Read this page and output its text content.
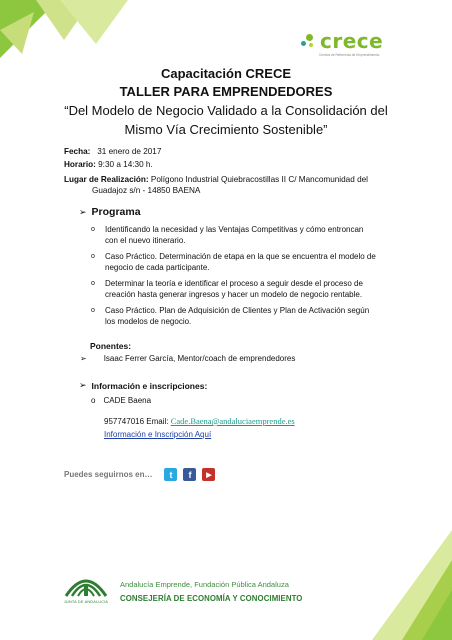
crece
Centros de Referencia de Emprendimiento
Capacitación CRECE
TALLER PARA EMPRENDEDORES
“Del Modelo de Negocio Validado a la Consolidación del
Mismo Vía Crecimiento Sostenible”
Fecha: 31 enero de 2017
Horario: 9:30 a 14:30 h.
Lugar de Realización: Polígono Industrial Quiebracostillas II C/ Mancomunidad del
Guadajoz s/n - 14850 BAENA
➢ Programa
o	Identificando la necesidad y las Ventajas Competitivas y cómo entroncan
con el nuevo itinerario.
o	Caso Práctico. Determinación de etapa en la que se encuentra el modelo de
negocio de cada participante.
o	Determinar la teoría e identificar el proceso a seguir desde el proceso de
creación hasta generar ingresos y hacer un modelo de negocio rentable.
o	Caso Práctico. Plan de Adquisición de Clientes y Plan de Activación según
los modelos de negocio.
Ponentes:
➢ Isaac Ferrer García, Mentor/coach de emprendedores
➢ Información e inscripciones:
o CADE Baena
957747016 Email: Cade.Baena@andaluciaemprende.es
Información e Inscripción Aquí
Puedes seguirnos en…	t	f	▶
JUNTA DE ANDALUCIA
Andalucía Emprende, Fundación Pública Andaluza
CONSEJERÍA DE ECONOMÍA Y CONOCIMIENTO
